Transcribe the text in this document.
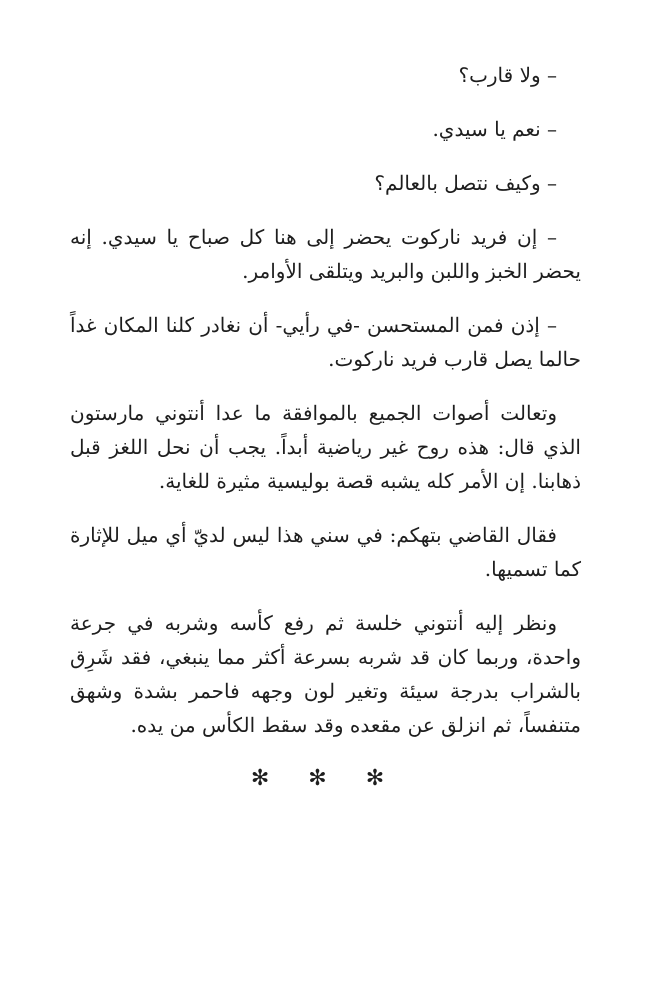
– ولا قارب؟

– نعم يا سيدي.

– وكيف نتصل بالعالم؟

– إن فريد ناركوت يحضر إلى هنا كل صباح يا سيدي. إنه يحضر الخبز واللبن والبريد ويتلقى الأوامر.

– إذن فمن المستحسن -في رأيي- أن نغادر كلنا المكان غداً حالما يصل قارب فريد ناركوت.

وتعالت أصوات الجميع بالموافقة ما عدا أنتوني مارستون الذي قال: هذه روح غير رياضية أبداً. يجب أن نحل اللغز قبل ذهابنا. إن الأمر كله يشبه قصة بوليسية مثيرة للغاية.

فقال القاضي بتهكم: في سني هذا ليس لديّ أي ميل للإثارة كما تسميها.

ونظر إليه أنتوني خلسة ثم رفع كأسه وشربه في جرعة واحدة، وربما كان قد شربه بسرعة أكثر مما ينبغي، فقد شَرِق بالشراب بدرجة سيئة وتغير لون وجهه فاحمر بشدة وشهق متنفساً، ثم انزلق عن مقعده وقد سقط الكأس من يده.

✻ ✻ ✻
